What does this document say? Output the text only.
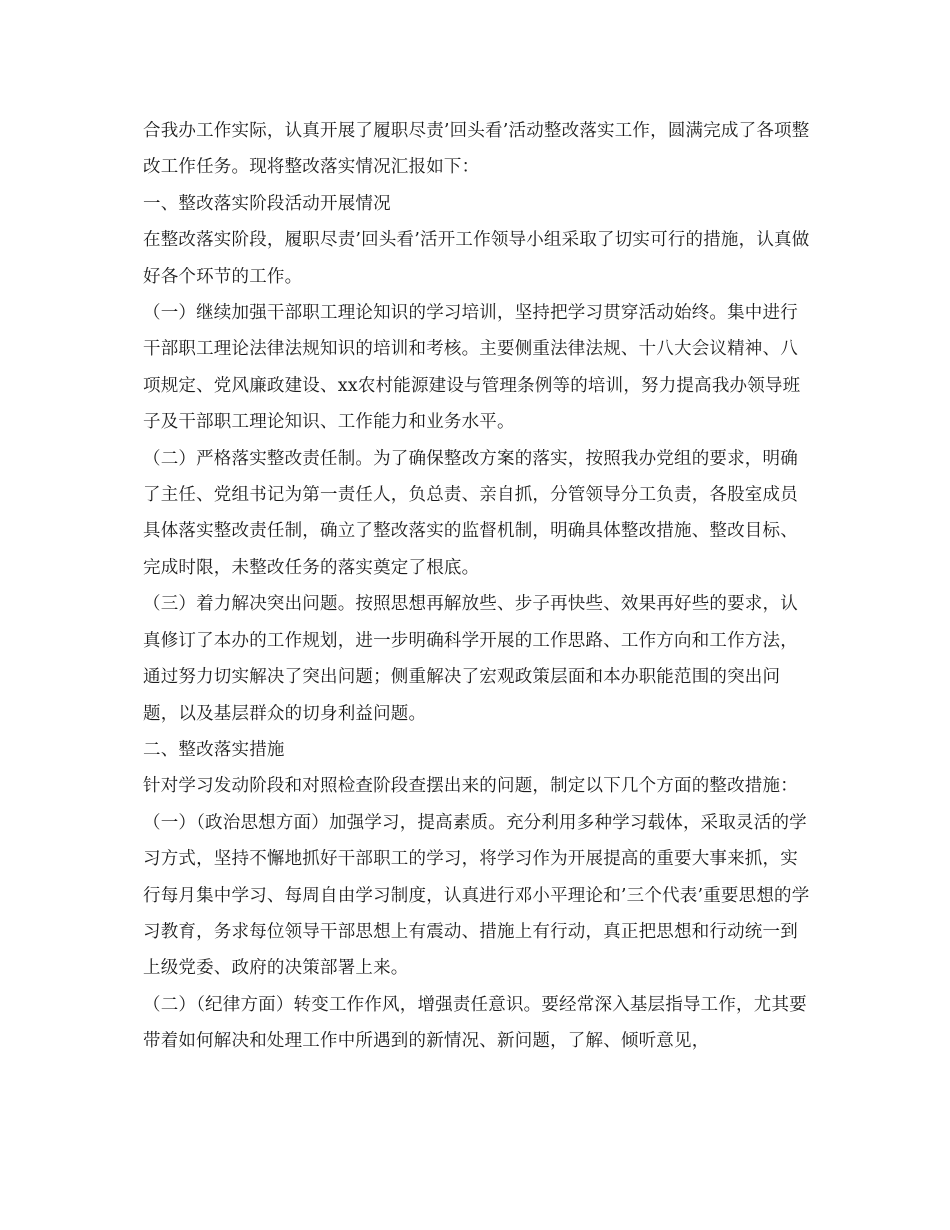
合我办工作实际，认真开展了履职尽责’回头看’活动整改落实工作，圆满完成了各项整改工作任务。现将整改落实情况汇报如下：

一、整改落实阶段活动开展情况

在整改落实阶段，履职尽责’回头看’活开工作领导小组采取了切实可行的措施，认真做好各个环节的工作。

（一）继续加强干部职工理论知识的学习培训，坚持把学习贯穿活动始终。集中进行干部职工理论法律法规知识的培训和考核。主要侧重法律法规、十八大会议精神、八项规定、党风廉政建设、xx农村能源建设与管理条例等的培训，努力提高我办领导班子及干部职工理论知识、工作能力和业务水平。

（二）严格落实整改责任制。为了确保整改方案的落实，按照我办党组的要求，明确了主任、党组书记为第一责任人，负总责、亲自抓，分管领导分工负责，各股室成员具体落实整改责任制，确立了整改落实的监督机制，明确具体整改措施、整改目标、完成时限，未整改任务的落实奠定了根底。

（三）着力解决突出问题。按照思想再解放些、步子再快些、效果再好些的要求，认真修订了本办的工作规划，进一步明确科学开展的工作思路、工作方向和工作方法，通过努力切实解决了突出问题；侧重解决了宏观政策层面和本办职能范围的突出问题，以及基层群众的切身利益问题。

二、整改落实措施

针对学习发动阶段和对照检查阶段查摆出来的问题，制定以下几个方面的整改措施：

（一）（政治思想方面）加强学习，提高素质。充分利用多种学习载体，采取灵活的学习方式，坚持不懈地抓好干部职工的学习，将学习作为开展提高的重要大事来抓，实行每月集中学习、每周自由学习制度，认真进行邓小平理论和’三个代表’重要思想的学习教育，务求每位领导干部思想上有震动、措施上有行动，真正把思想和行动统一到上级党委、政府的决策部署上来。

（二）（纪律方面）转变工作作风，增强责任意识。要经常深入基层指导工作，尤其要带着如何解决和处理工作中所遇到的新情况、新问题，了解、倾听意见，
